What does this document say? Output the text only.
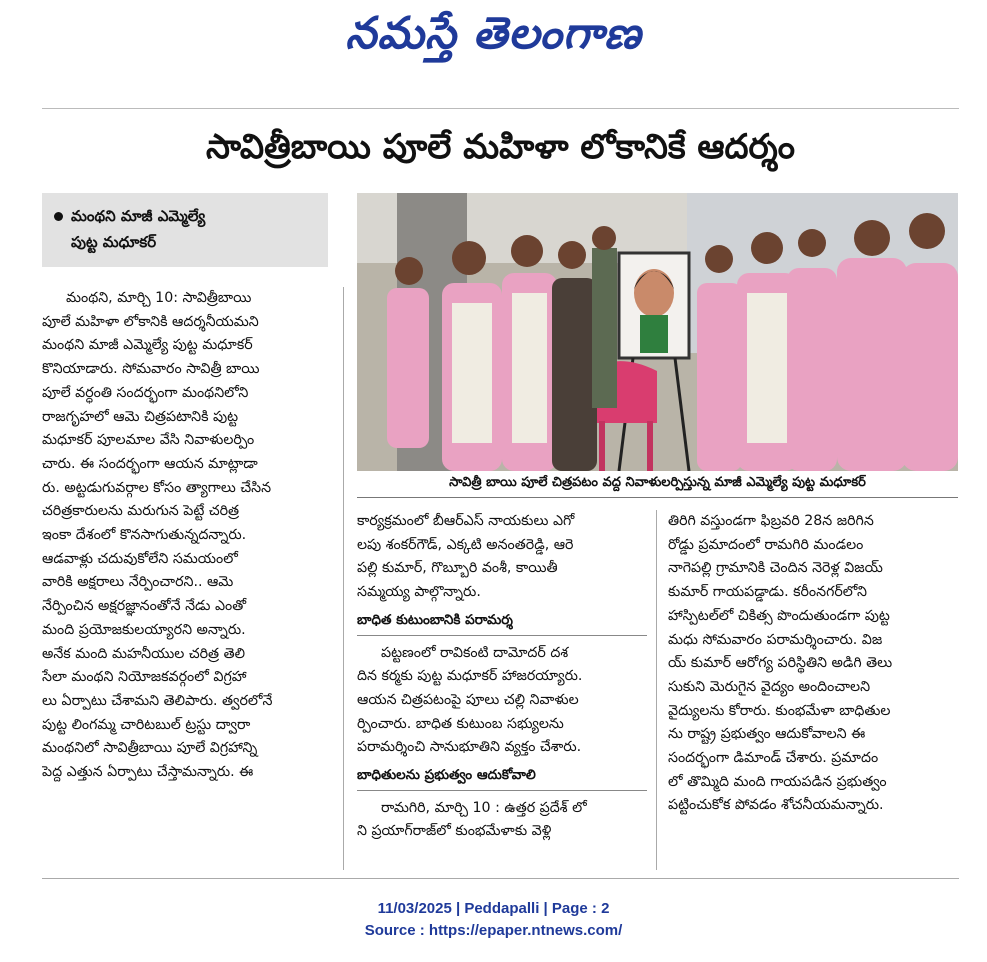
నమస్తే తెలంగాణ
సావిత్రీబాయి పూలే మహిళా లోకానికే ఆదర్శం
మంథని మాజీ ఎమ్మెల్యే
పుట్ట మధూకర్
సావిత్రీ బాయి పూలే చిత్రపటం వద్ద నివాళులర్పిస్తున్న మాజీ ఎమ్మెల్యే పుట్ట మధూకర్

మంథని, మార్చి 10: సావిత్రీబాయి

పూలే మహిళా లోకానికి ఆదర్శనీయమని

మంథని మాజీ ఎమ్మెల్యే పుట్ట మధూకర్

కొనియాడారు. సోమవారం సావిత్రీ బాయి

పూలే వర్ధంతి సందర్భంగా మంథనిలోని

రాజగృహలో ఆమె చిత్రపటానికి పుట్ట

మధూకర్ పూలమాల వేసి నివాళులర్పిం

చారు. ఈ సందర్భంగా ఆయన మాట్లాడా

రు. అట్టడుగువర్గాల కోసం త్యాగాలు చేసిన

చరిత్రకారులను మరుగున పెట్టే చరిత్ర

ఇంకా దేశంలో కొనసాగుతున్నదన్నారు.

ఆడవాళ్లు చదువుకోలేని సమయంలో

వారికి అక్షరాలు నేర్పించారని.. ఆమె

నేర్పించిన అక్షరజ్ఞానంతోనే నేడు ఎంతో

మంది ప్రయోజకులయ్యారని అన్నారు.

అనేక మంది మహనీయుల చరిత్ర తెలి

సేలా మంథని నియోజకవర్గంలో విగ్రహా

లు ఏర్పాటు చేశామని తెలిపారు. త్వరలోనే

పుట్ట లింగమ్మ చారిటబుల్ ట్రస్టు ద్వారా

మంథనిలో సావిత్రీబాయి పూలే విగ్రహాన్ని

పెద్ద ఎత్తున ఏర్పాటు చేస్తామన్నారు. ఈ

కార్యక్రమంలో బీఆర్ఎస్ నాయకులు ఎగో

లపు శంకర్‌గౌడ్, ఎక్కటి అనంతరెడ్డి, ఆరె

పల్లి కుమార్, గొబ్బూరి వంశీ, కాయితీ

సమ్మయ్య పాల్గొన్నారు.

బాధిత కుటుంబానికి పరామర్శ

పట్టణంలో రావికంటి దామోదర్ దశ

దిన కర్మకు పుట్ట మధూకర్ హాజరయ్యారు.

ఆయన చిత్రపటంపై పూలు చల్లి నివాళుల

ర్పించారు. బాధిత కుటుంబ సభ్యులను

పరామర్శించి సానుభూతిని వ్యక్తం చేశారు.

బాధితులను ప్రభుత్వం ఆదుకోవాలి

రామగిరి, మార్చి 10 : ఉత్తర ప్రదేశ్ లో

ని ప్రయాగ్‌రాజ్‌లో కుంభమేళాకు వెళ్లి

తిరిగి వస్తుండగా ఫిబ్రవరి 28న జరిగిన

రోడ్డు ప్రమాదంలో రామగిరి మండలం

నాగెపల్లి గ్రామానికి చెందిన నెరెళ్ల విజయ్

కుమార్ గాయపడ్డాడు. కరీంనగర్‌లోని

హాస్పిటల్‌లో చికిత్స పొందుతుండగా పుట్ట

మధు సోమవారం పరామర్శించారు. విజ

య్ కుమార్ ఆరోగ్య పరిస్థితిని అడిగి తెలు

సుకుని మెరుగైన వైద్యం అందించాలని

వైద్యులను కోరారు. కుంభమేళా బాధితుల

ను రాష్ట్ర ప్రభుత్వం ఆదుకోవాలని ఈ

సందర్భంగా డిమాండ్ చేశారు. ప్రమాదం

లో తొమ్మిది మంది గాయపడిన ప్రభుత్వం

పట్టించుకోక పోవడం శోచనీయమన్నారు.

11/03/2025 | Peddapalli | Page : 2
Source : https://epaper.ntnews.com/
